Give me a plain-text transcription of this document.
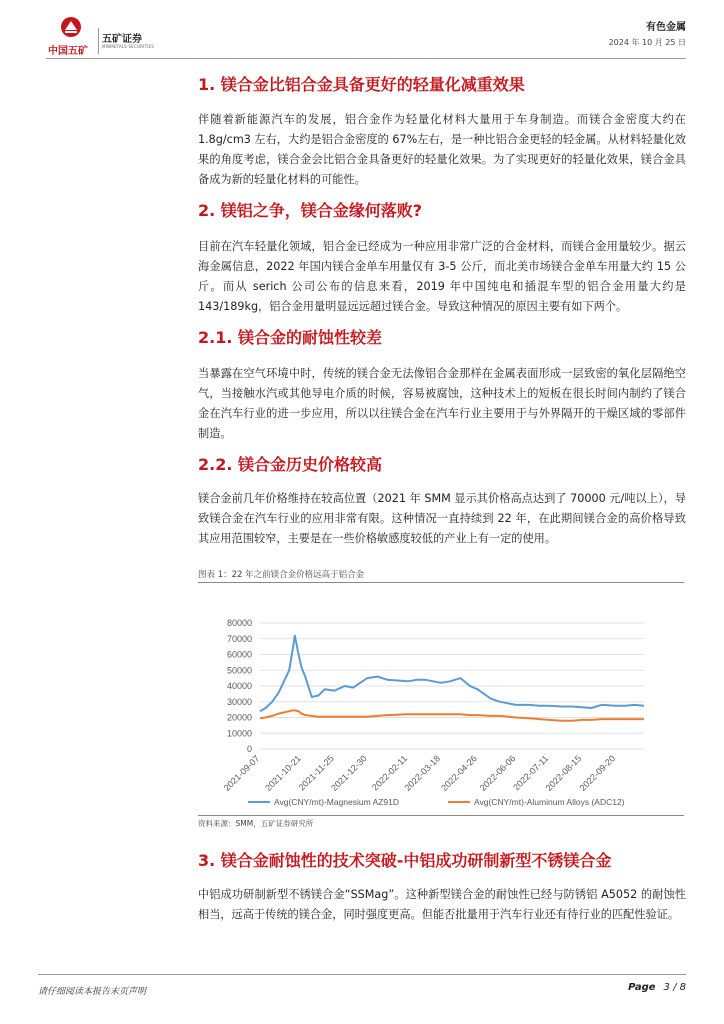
中国五矿
五矿证券
MINMETALS SECURITIES
有色金属
2024 年 10 月 25 日
1. 镁合金比铝合金具备更好的轻量化减重效果

伴随着新能源汽车的发展，铝合金作为轻量化材料大量用于车身制造。而镁合金密度大约在 1.8g/cm3 左右，大约是铝合金密度的 67%左右，是一种比铝合金更轻的轻金属。从材料轻量化效果的角度考虑，镁合金会比铝合金具备更好的轻量化效果。为了实现更好的轻量化效果，镁合金具备成为新的轻量化材料的可能性。

2. 镁铝之争，镁合金缘何落败?

目前在汽车轻量化领域，铝合金已经成为一种应用非常广泛的合金材料，而镁合金用量较少。据云海金属信息，2022 年国内镁合金单车用量仅有 3-5 公斤，而北美市场镁合金单车用量大约 15 公斤。而从 serich 公司公布的信息来看，2019 年中国纯电和插混车型的铝合金用量大约是 143/189kg，铝合金用量明显远远超过镁合金。导致这种情况的原因主要有如下两个。

2.1. 镁合金的耐蚀性较差

当暴露在空气环境中时，传统的镁合金无法像铝合金那样在金属表面形成一层致密的氧化层隔绝空气，当接触水汽或其他导电介质的时候，容易被腐蚀，这种技术上的短板在很长时间内制约了镁合金在汽车行业的进一步应用，所以以往镁合金在汽车行业主要用于与外界隔开的干燥区域的零部件制造。

2.2. 镁合金历史价格较高

镁合金前几年价格维持在较高位置（2021 年 SMM 显示其价格高点达到了 70000 元/吨以上），导致镁合金在汽车行业的应用非常有限。这种情况一直持续到 22 年，在此期间镁合金的高价格导致其应用范围较窄，主要是在一些价格敏感度较低的产业上有一定的使用。

图表 1：22 年之前镁合金价格远高于铝合金
0
10000
20000
30000
40000
50000
60000
70000
80000
2021-09-07 2021-10-21
2021-11-25
2021-12-30 2022-02-11
2022-03-18
2022-04-26
2022-06-06
2022-07-11
2022-08-15
2022-09-20
Avg(CNY/mt)-Magnesium AZ91D	Avg(CNY/mt)-Aluminum Alloys (ADC12)
资料来源：SMM，五矿证券研究所
3. 镁合金耐蚀性的技术突破-中铝成功研制新型不锈镁合金

中铝成功研制新型不锈镁合金“SSMag”。这种新型镁合金的耐蚀性已经与防锈铝 A5052 的耐蚀性相当，远高于传统的镁合金，同时强度更高。但能否批量用于汽车行业还有待行业的匹配性验证。

请仔细阅读本报告末页声明	Page 3 / 8
